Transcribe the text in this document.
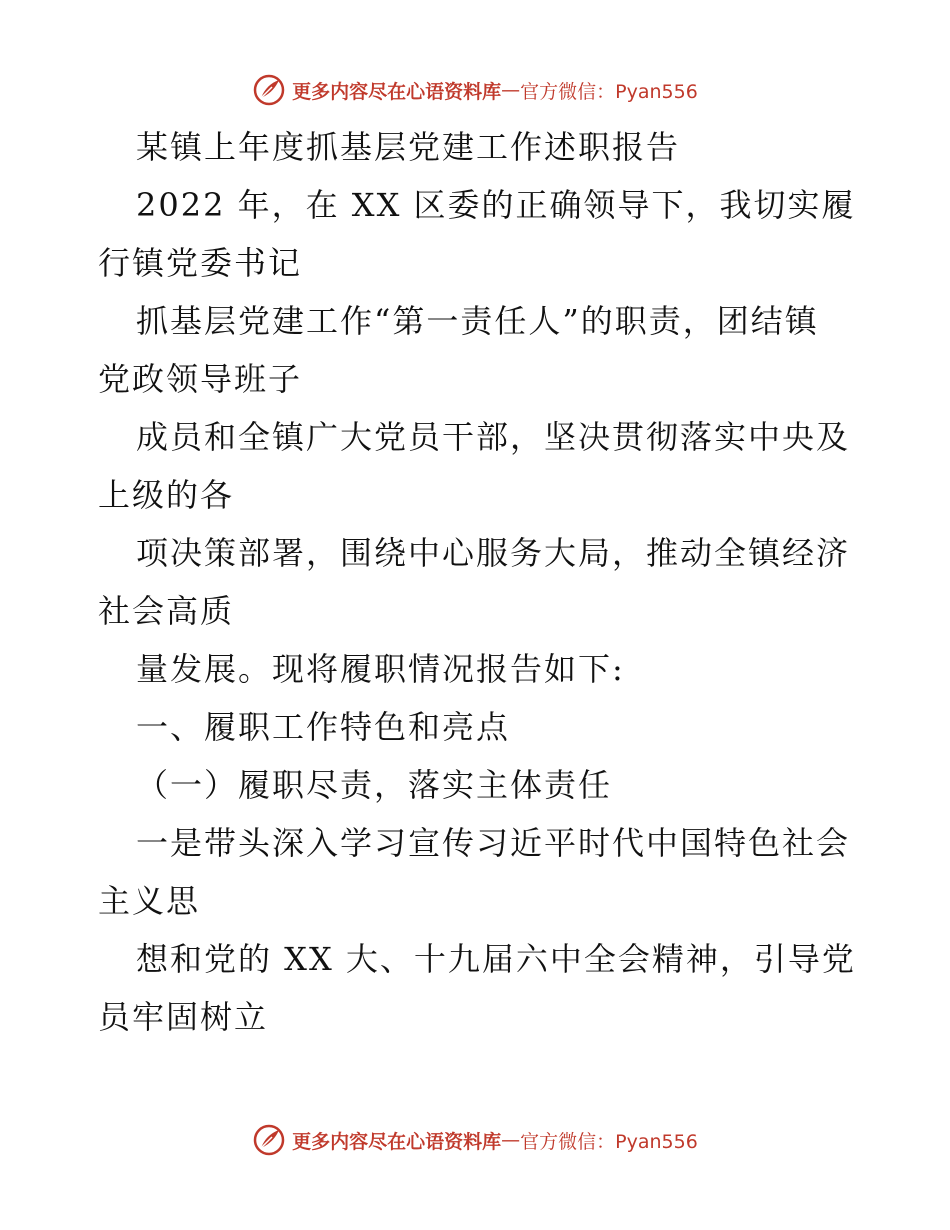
更多内容尽在心语资料库 — 官方微信：Pyan556

某镇上年度抓基层党建工作述职报告

2022 年，在 XX 区委的正确领导下，我切实履

行镇党委书记

抓基层党建工作“第一责任人”的职责，团结镇

党政领导班子

成员和全镇广大党员干部，坚决贯彻落实中央及

上级的各

项决策部署，围绕中心服务大局，推动全镇经济

社会高质

量发展。现将履职情况报告如下:

一、履职工作特色和亮点

（一）履职尽责，落实主体责任

一是带头深入学习宣传习近平时代中国特色社会

主义思

想和党的 XX 大、十九届六中全会精神，引导党

员牢固树立

更多内容尽在心语资料库 — 官方微信：Pyan556
